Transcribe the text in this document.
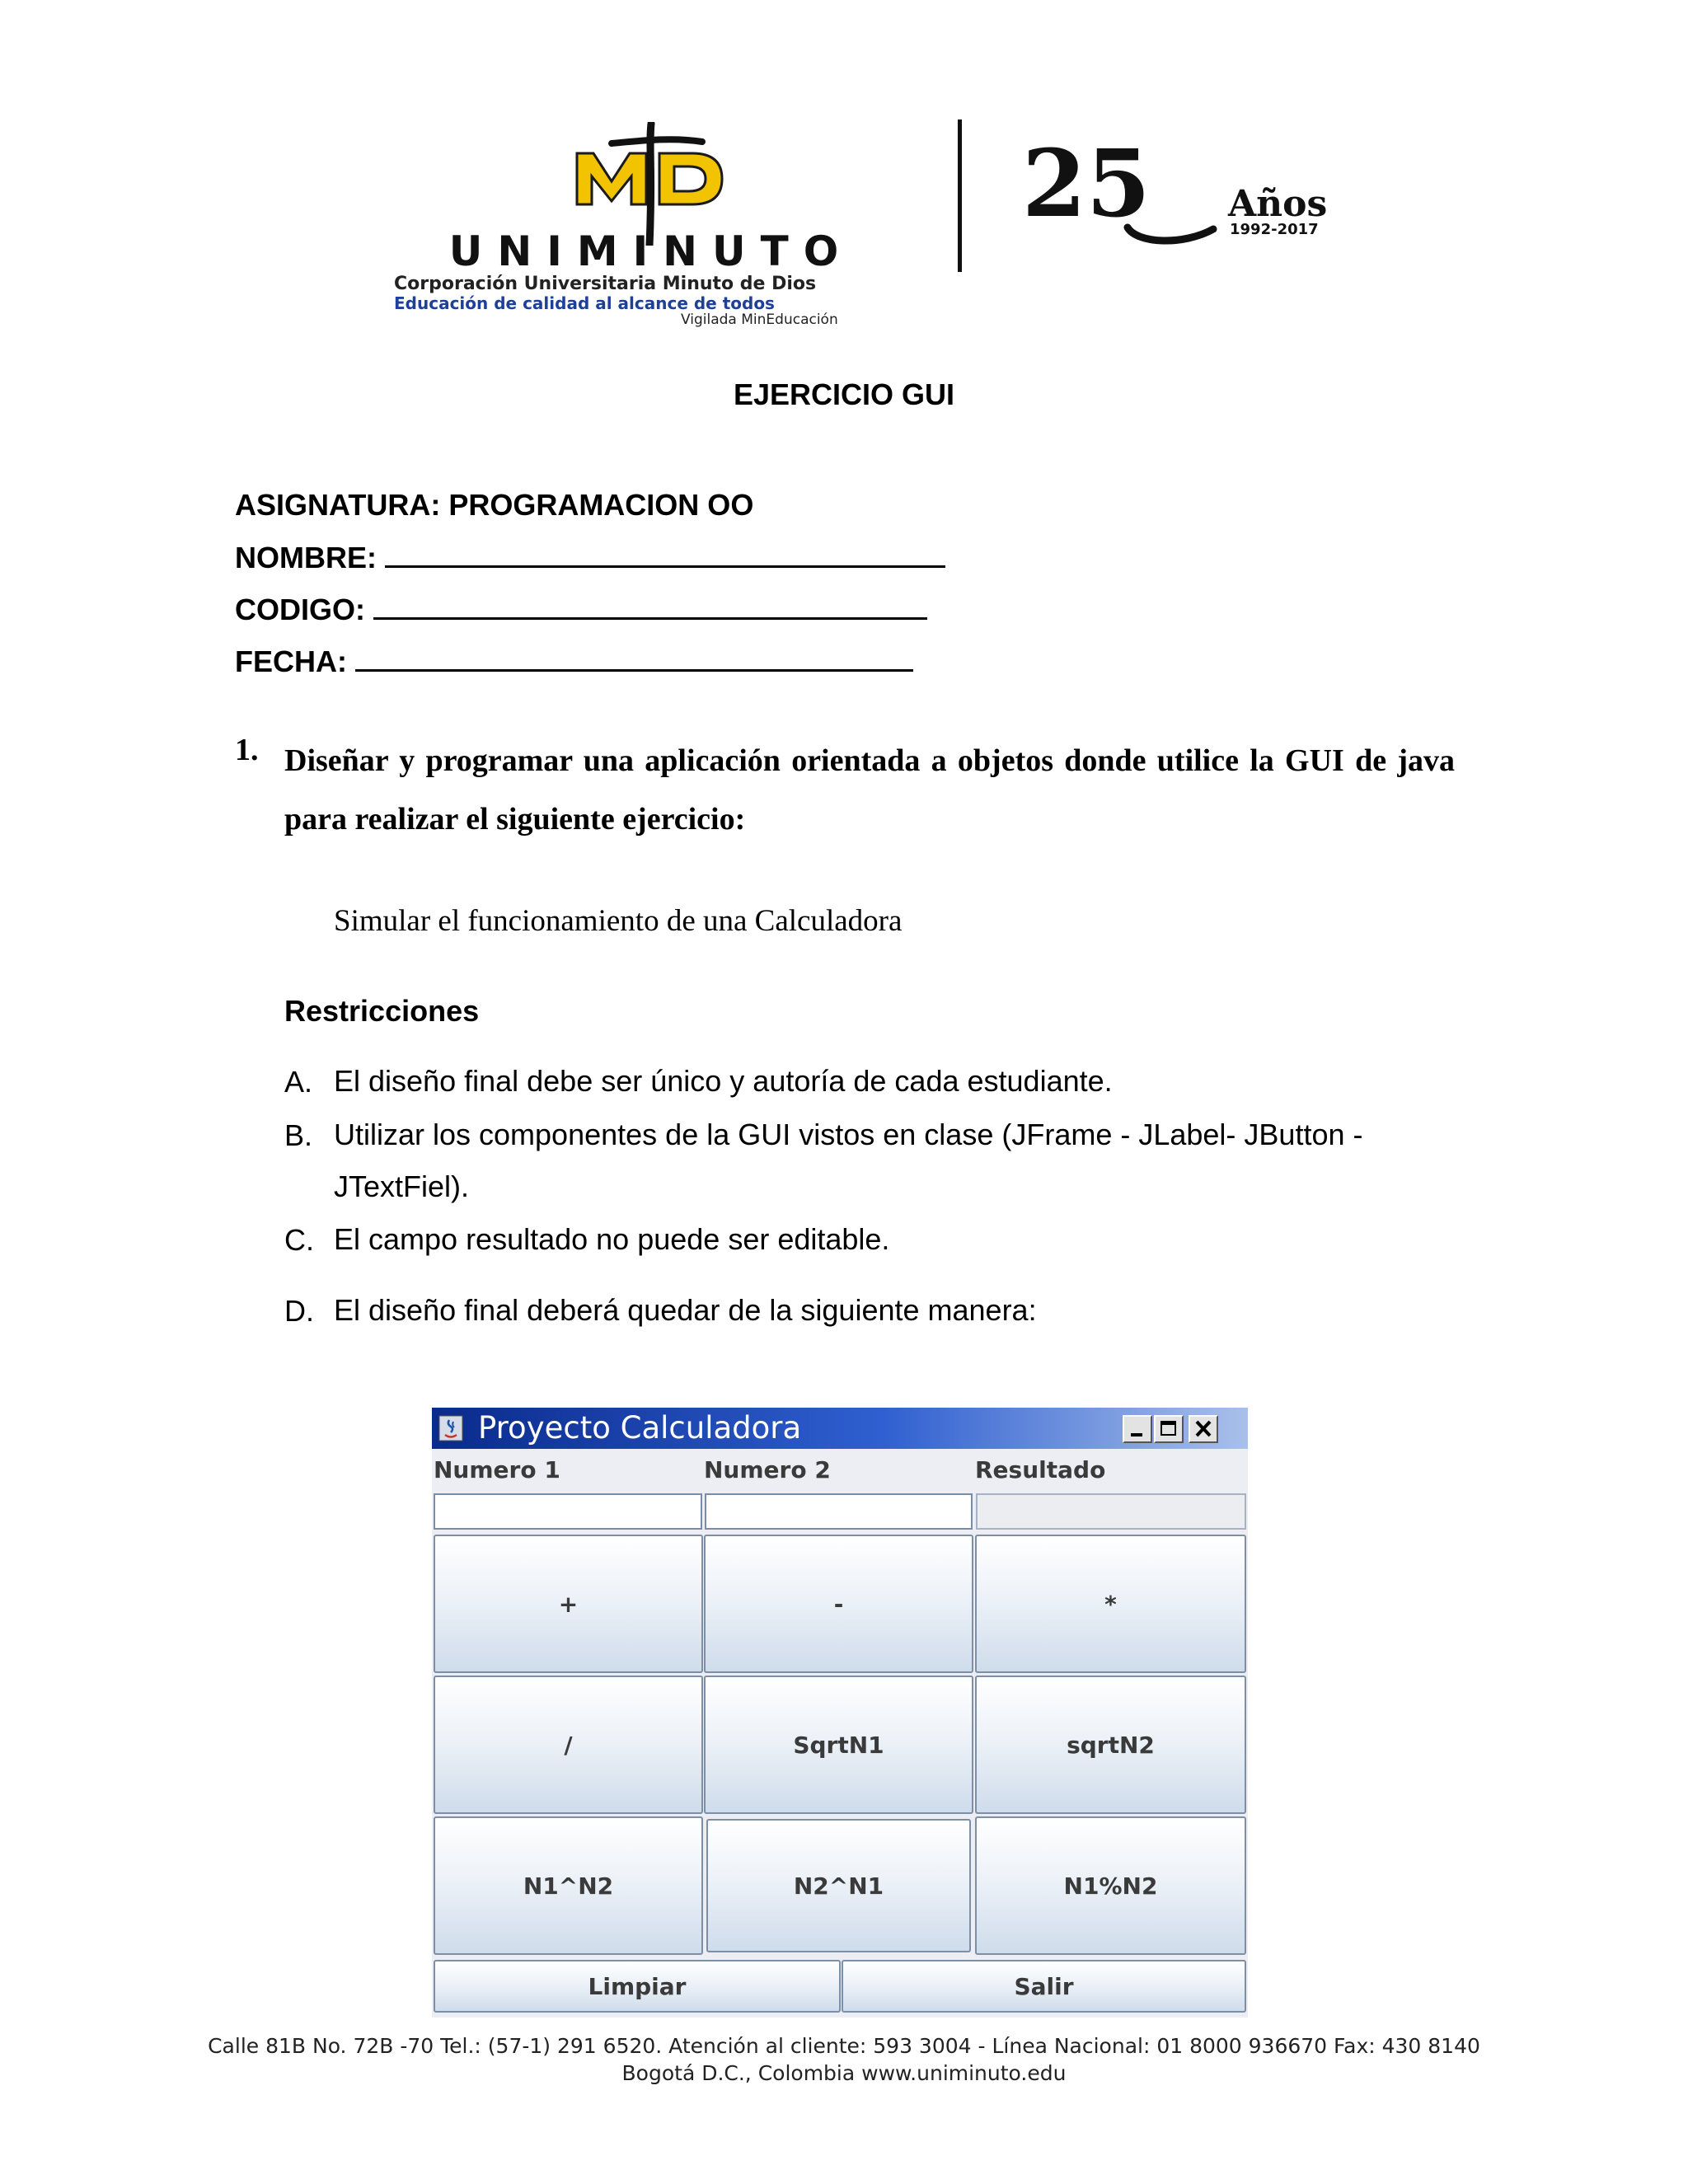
UNIMINUTO
Corporación Universitaria Minuto de Dios
Educación de calidad al alcance de todos
Vigilada MinEducación
25 Años
1992-2017
EJERCICIO GUI
ASIGNATURA: PROGRAMACION OO
NOMBRE:
CODIGO:
FECHA:
1. Diseñar y programar una aplicación orientada a objetos donde utilice la GUI de java para realizar el siguiente ejercicio:
Simular el funcionamiento de una Calculadora
Restricciones
A. El diseño final debe ser único y autoría de cada estudiante.
B. Utilizar los componentes de la GUI vistos en clase (JFrame - JLabel- JButton -
JTextFiel).
C. El campo resultado no puede ser editable.
D. El diseño final deberá quedar de la siguiente manera:
Proyecto Calculadora
Numero 1	Numero 2	Resultado
+	-	*
/	SqrtN1	sqrtN2
N1^N2	N2^N1	N1%N2
Limpiar	Salir
Calle 81B No. 72B -70 Tel.: (57-1) 291 6520. Atención al cliente: 593 3004 - Línea Nacional: 01 8000 936670 Fax: 430 8140
Bogotá D.C., Colombia www.uniminuto.edu
